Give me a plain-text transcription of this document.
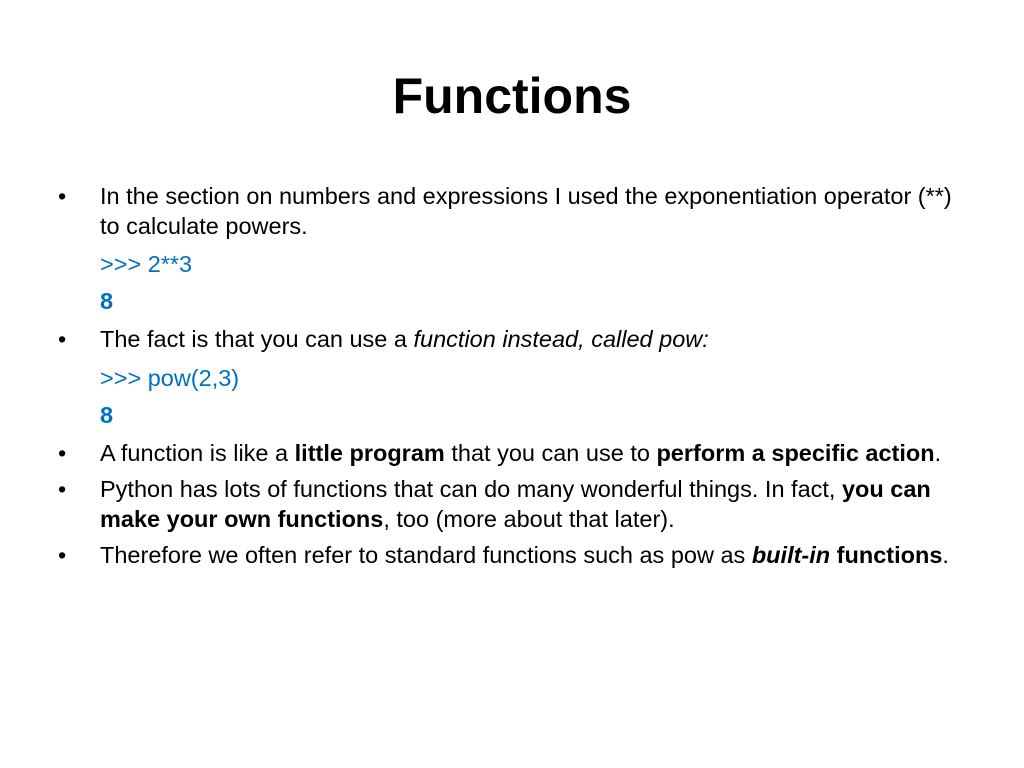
Functions
•	In the section on numbers and expressions I used the exponentiation operator (**) to calculate powers.
>>> 2**3
8
•	The fact is that you can use a function instead, called pow:
>>> pow(2,3)
8
•	A function is like a little program that you can use to perform a specific action.
•	Python has lots of functions that can do many wonderful things. In fact, you can make your own functions, too (more about that later).
•	Therefore we often refer to standard functions such as pow as built-in functions.
